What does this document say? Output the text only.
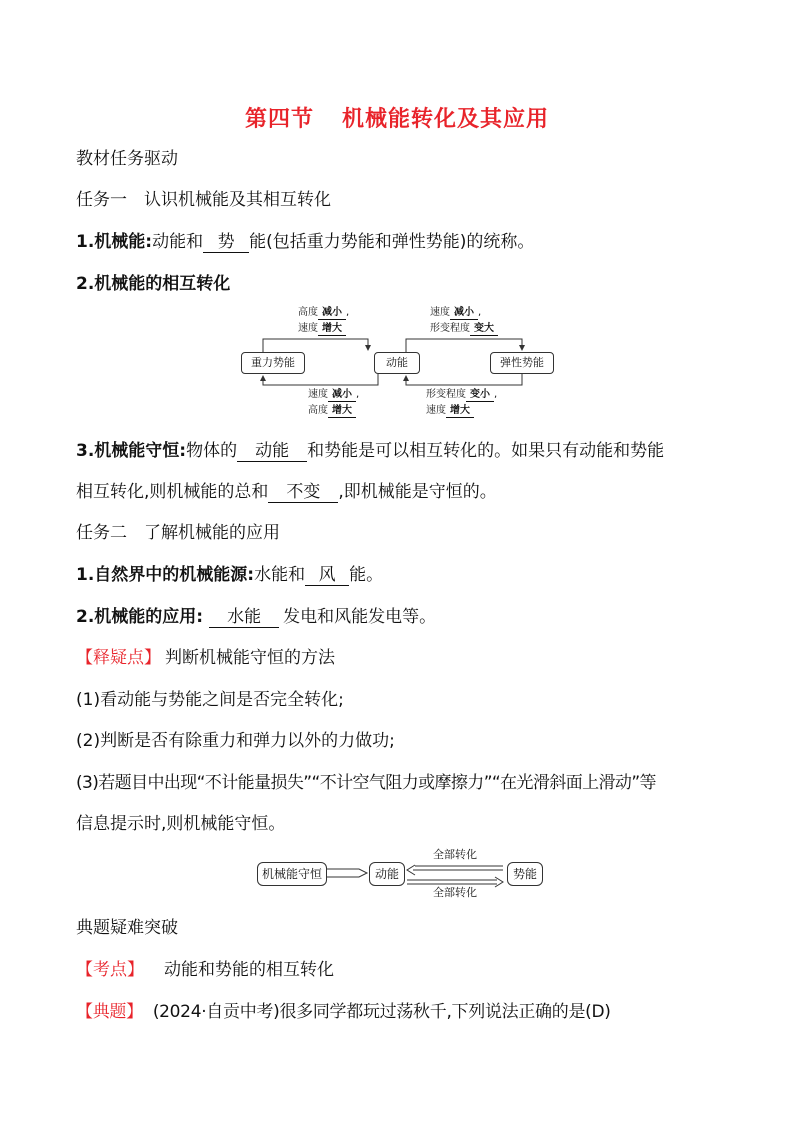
第四节 机械能转化及其应用
教材任务驱动
任务一　认识机械能及其相互转化
1.机械能:动能和 势 能(包括重力势能和弹性势能)的统称。
2.机械能的相互转化
重力势能	动能	弹性势能
高度 减小 ,
速度 增大
速度 减小 ,
形变程度 变大
速度 减小 ,
高度 增大
形变程度 变小 ,
速度 增大
3.机械能守恒:物体的 动能 和势能是可以相互转化的。如果只有动能和势能
相互转化,则机械能的总和 不变 ,即机械能是守恒的。
任务二　了解机械能的应用
1.自然界中的机械能源:水能和 风 能。
2.机械能的应用: 水能 发电和风能发电等。
【释疑点】 判断机械能守恒的方法
(1)看动能与势能之间是否完全转化;
(2)判断是否有除重力和弹力以外的力做功;
(3)若题目中出现“不计能量损失”“不计空气阻力或摩擦力”“在光滑斜面上滑动”等
信息提示时,则机械能守恒。
机械能守恒	动能	势能
全部转化
全部转化
典题疑难突破
【考点】 动能和势能的相互转化
【典题】 (2024·自贡中考)很多同学都玩过荡秋千,下列说法正确的是(D)
